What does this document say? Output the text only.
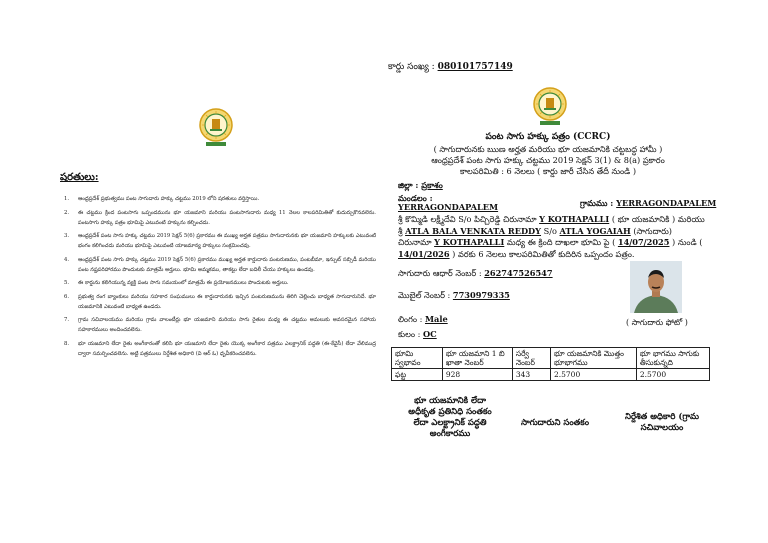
కార్డు సంఖ్య : 080101757149
షరతులు:
1.	ఆంధ్రప్రదేశ్ ప్రభుత్వము పంట సాగుదారు హక్కు చట్టము 2019 లోని షరతులు వర్తిస్తాయి.
2.	ఈ చట్టము క్రింద పంటసాగు ఒప్పందమును భూ యజమాని మరియు పంటసాగుదారు మధ్య 11 నెలల కాలపరిమితితో కుదుర్చుకొనవలెను. పంటసాగు హక్కు పత్రం భూమిపై ఎటువంటి హక్కును కల్పించదు.
3.	ఆంధ్రప్రదేశ్ పంట సాగు హక్కు చట్టము 2019 సెక్షన్ 5(6) ప్రకారము ఈ ముఖ్య అర్హత పత్రము సాగుదారునకు భూ యజమాని హక్కులకు ఎటువంటి భంగం కలిగించదు మరియు భూమిపై ఎటువంటి యాజమాన్య హక్కులు సంక్రమించవు.
4.	ఆంధ్రప్రదేశ్ పంట సాగు హక్కు చట్టము 2019 సెక్షన్ 5(6) ప్రకారము ముఖ్య అర్హత కార్డుదారు పంటరుణము, పంటబీమా, ఇన్పుట్ సబ్సిడీ మరియు పంట నష్టపరిహారము పొందుటకు మాత్రమే అర్హులు. భూమి అమ్మకము, తాకట్టు లేదా బదిలీ చేయు హక్కులు ఉండవు.
5.	ఈ కార్డును కలిగియున్న వ్యక్తి పంట సాగు సమయంలో మాత్రమే ఈ ప్రయోజనములు పొందుటకు అర్హులు.
6.	ప్రభుత్వ రంగ బ్యాంకులు మరియు సహకార సంఘములు ఈ కార్డుదారునకు ఇచ్చిన పంటరుణమును తిరిగి చెల్లించు బాధ్యత సాగుదారునిదే. భూ యజమానికి ఎటువంటి బాధ్యత ఉండదు.
7.	గ్రామ సచివాలయము మరియు గ్రామ వాలంటీర్లు భూ యజమాని మరియు సాగు రైతుల మధ్య ఈ చట్టము అమలుకు అవసరమైన సహాయ సహకారములు అందించవలెను.
8.	భూ యజమాని లేదా రైతు అంగీకారంతో కలిసి భూ యజమాని లేదా రైతు యొక్క అంగీకార పత్రము ఎలక్ట్రానిక్ పద్ధతి (ఈ-కేవైసీ) లేదా వేలిముద్ర ద్వారా సమర్పించవలెను. అట్టి పత్రములు నిర్దేశిత అధికారి (వి ఆర్ ఓ) ధృవీకరించవలెను.
పంట సాగు హక్కు పత్రం (CCRC)
( సాగుదారునకు ఋణ అర్హత మరియు భూ యజమానికి చట్టబద్ధ హామీ )
ఆంధ్రప్రదేశ్ పంట సాగు హక్కు చట్టము 2019 సెక్షన్ 3(1) & 8(a) ప్రకారం
కాలపరిమితి : 6 నెలలు ( కార్డు జారీ చేసిన తేదీ నుండి )
జిల్లా : ప్రకాశం
మండలం :
YERRAGONDAPALEM	గ్రామము : YERRAGONDAPALEM
శ్రీ కొమ్మిడి లక్ష్మీదేవి S/o పిచ్చిరెడ్డి చిరునామా Y KOTHAPALLI ( భూ యజమానికి ) మరియు శ్రీ ATLA BALA VENKATA REDDY S/o ATLA YOGAIAH (సాగుదారు) చిరునామా Y KOTHAPALLI మధ్య ఈ క్రింది దాఖలా భూమి పై ( 14/07/2025 ) నుండి ( 14/01/2026 ) వరకు 6 నెలలు కాలపరిమితితో కుదిరిన ఒప్పందం పత్రం.
సాగుదారు ఆధార్ నెంబర్ : 262747526547
మొబైల్ నెంబర్ : 7730979335
లింగం : Male
కులం : OC
( సాగుదారు ఫోటో )
భూమి స్వభావం	భూ యజమాని 1 బి ఖాతా నెంబర్	సర్వే నెంబర్	భూ యజమానికి మొత్తం భూభాగము	భూ భాగము సాగుకు తీసుకున్నది
ఫట్ట	928	343	2.5700	2.5700
భూ యజమానికి లేదా అధీకృత ప్రతినిధి సంతకం లేదా ఎలక్ట్రానిక్ పద్ధతి అంగీకారము
సాగుదారుని సంతకం
నిర్దేశిత అధికారి (గ్రామ సచివాలయం
